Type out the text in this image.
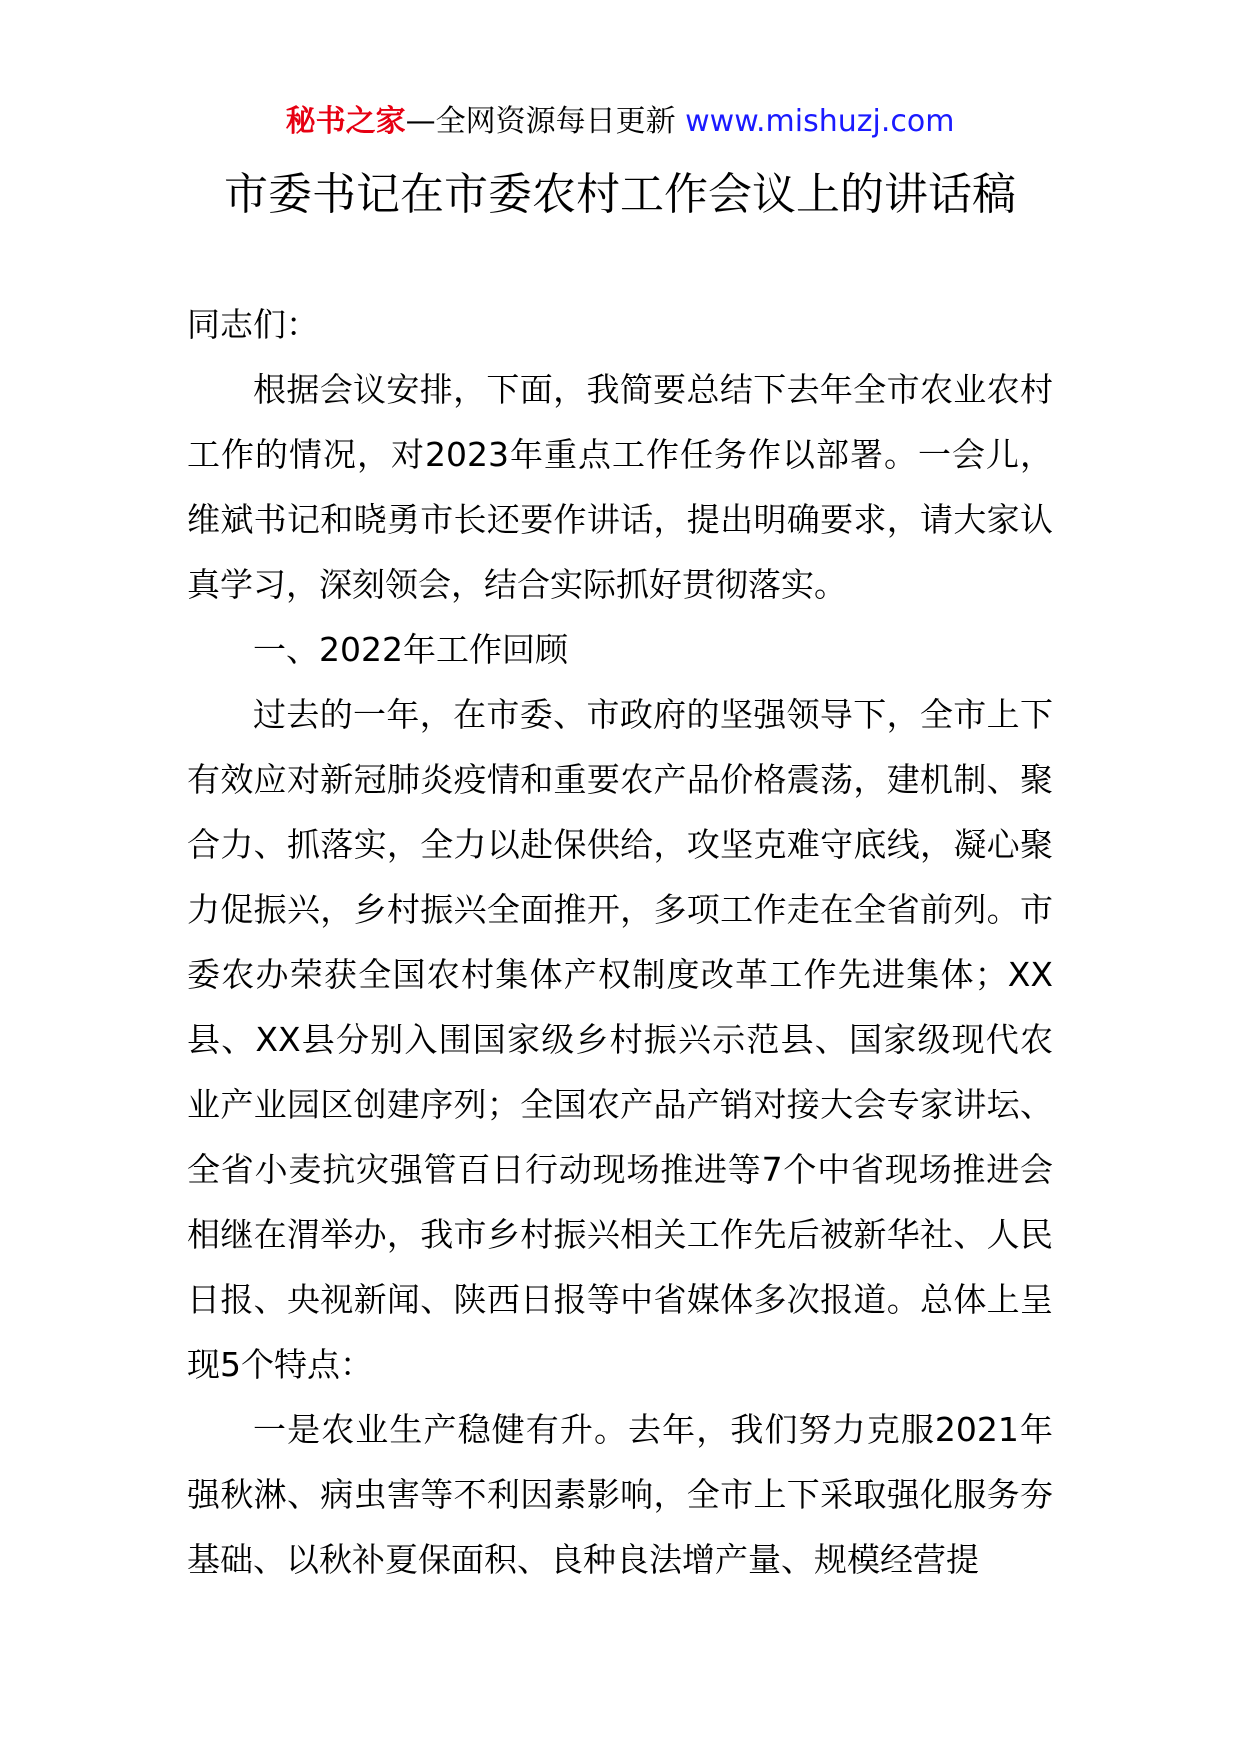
秘书之家—全网资源每日更新 www.mishuzj.com
市委书记在市委农村工作会议上的讲话稿

同志们：

根据会议安排，下面，我简要总结下去年全市农业农村工作的情况，对2023年重点工作任务作以部署。一会儿，维斌书记和晓勇市长还要作讲话，提出明确要求，请大家认真学习，深刻领会，结合实际抓好贯彻落实。

一、2022年工作回顾

过去的一年，在市委、市政府的坚强领导下，全市上下有效应对新冠肺炎疫情和重要农产品价格震荡，建机制、聚合力、抓落实，全力以赴保供给，攻坚克难守底线，凝心聚力促振兴，乡村振兴全面推开，多项工作走在全省前列。市委农办荣获全国农村集体产权制度改革工作先进集体；XX县、XX县分别入围国家级乡村振兴示范县、国家级现代农业产业园区创建序列；全国农产品产销对接大会专家讲坛、全省小麦抗灾强管百日行动现场推进等7个中省现场推进会相继在渭举办，我市乡村振兴相关工作先后被新华社、人民日报、央视新闻、陕西日报等中省媒体多次报道。总体上呈现5个特点：

一是农业生产稳健有升。去年，我们努力克服2021年强秋淋、病虫害等不利因素影响，全市上下采取强化服务夯基础、以秋补夏保面积、良种良法增产量、规模经营提
